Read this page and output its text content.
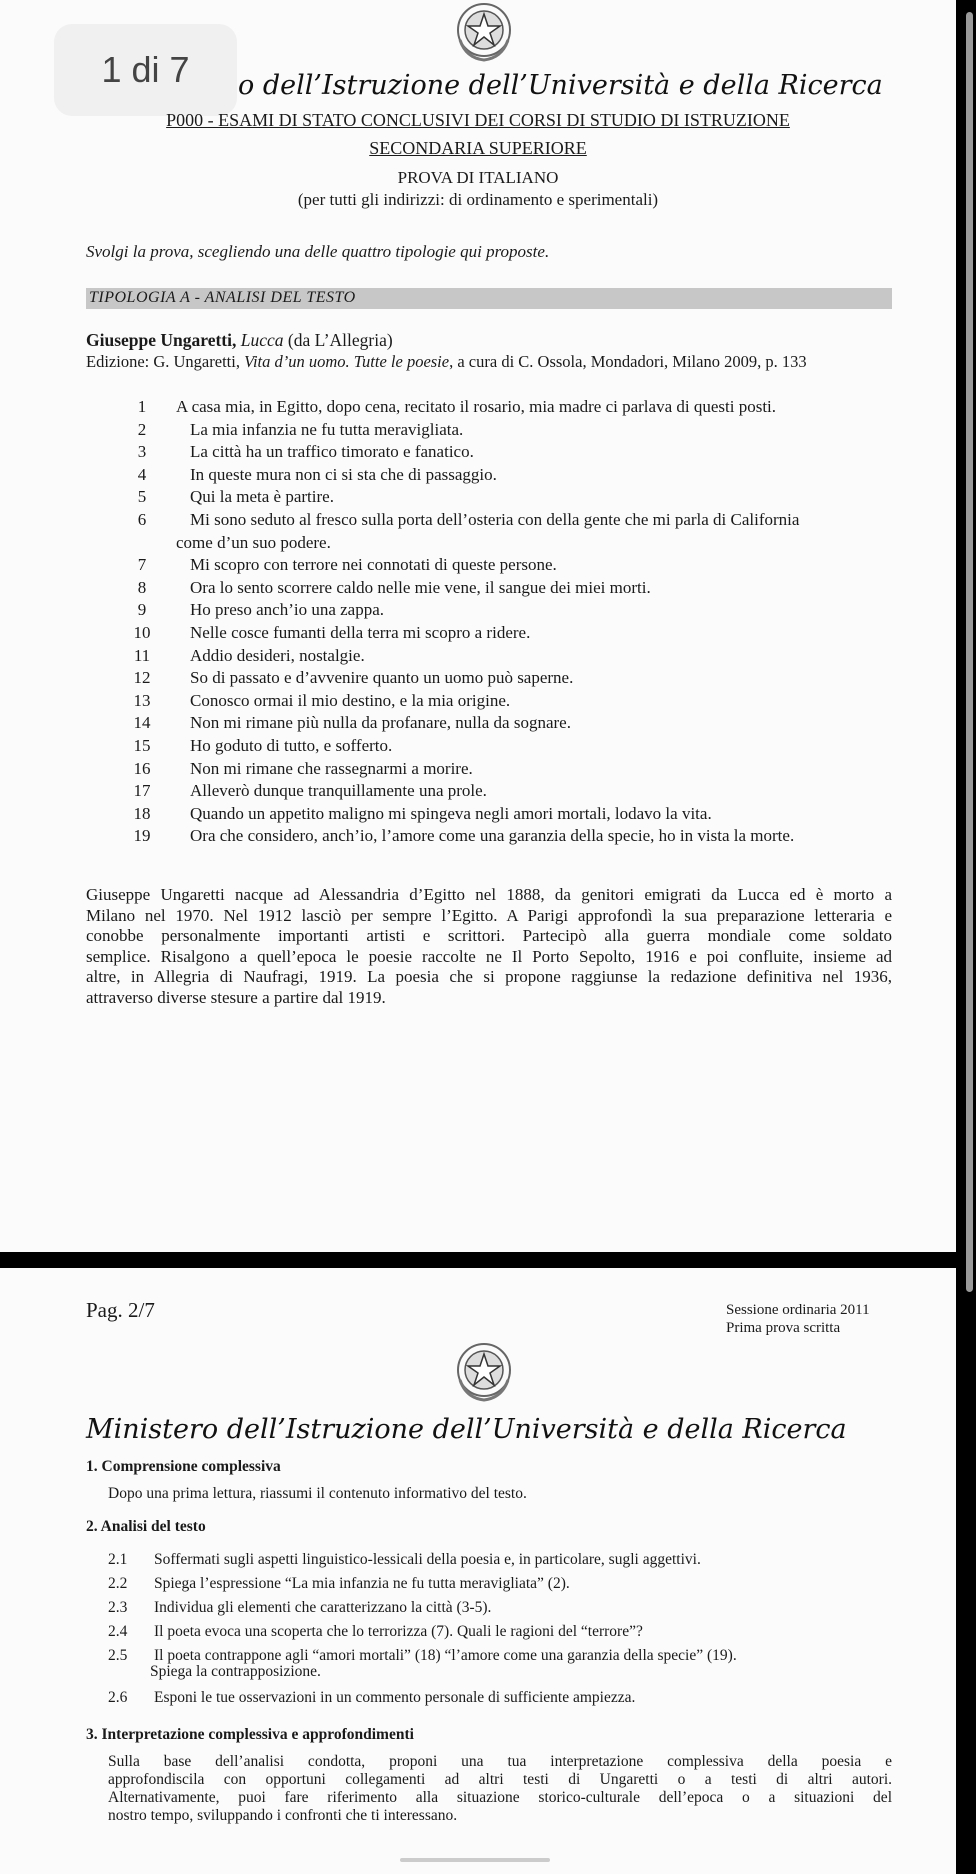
1 di 7	o dell’Istruzione dell’Università e della Ricerca
P000 - ESAMI DI STATO CONCLUSIVI DEI CORSI DI STUDIO DI ISTRUZIONE
SECONDARIA SUPERIORE
PROVA DI ITALIANO
(per tutti gli indirizzi: di ordinamento e sperimentali)
Svolgi la prova, scegliendo una delle quattro tipologie qui proposte.
TIPOLOGIA A - ANALISI DEL TESTO
Giuseppe Ungaretti, Lucca (da L’Allegria)
Edizione: G. Ungaretti, Vita d’un uomo. Tutte le poesie, a cura di C. Ossola, Mondadori, Milano 2009, p. 133
1	A casa mia, in Egitto, dopo cena, recitato il rosario, mia madre ci parlava di questi posti.
2	La mia infanzia ne fu tutta meravigliata.
3	La città ha un traffico timorato e fanatico.
4	In queste mura non ci si sta che di passaggio.
5	Qui la meta è partire.
6	Mi sono seduto al fresco sulla porta dell’osteria con della gente che mi parla di California
come d’un suo podere.
7	Mi scopro con terrore nei connotati di queste persone.
8	Ora lo sento scorrere caldo nelle mie vene, il sangue dei miei morti.
9	Ho preso anch’io una zappa.
10	Nelle cosce fumanti della terra mi scopro a ridere.
11	Addio desideri, nostalgie.
12	So di passato e d’avvenire quanto un uomo può saperne.
13	Conosco ormai il mio destino, e la mia origine.
14	Non mi rimane più nulla da profanare, nulla da sognare.
15	Ho goduto di tutto, e sofferto.
16	Non mi rimane che rassegnarmi a morire.
17	Alleverò dunque tranquillamente una prole.
18	Quando un appetito maligno mi spingeva negli amori mortali, lodavo la vita.
19	Ora che considero, anch’io, l’amore come una garanzia della specie, ho in vista la morte.
Giuseppe Ungaretti nacque ad Alessandria d’Egitto nel 1888, da genitori emigrati da Lucca ed è morto a
Milano nel 1970. Nel 1912 lasciò per sempre l’Egitto. A Parigi approfondì la sua preparazione letteraria e
conobbe personalmente importanti artisti e scrittori. Partecipò alla guerra mondiale come soldato
semplice. Risalgono a quell’epoca le poesie raccolte ne Il Porto Sepolto, 1916 e poi confluite, insieme ad
altre, in Allegria di Naufragi, 1919. La poesia che si propone raggiunse la redazione definitiva nel 1936,
attraverso diverse stesure a partire dal 1919.
Pag. 2/7	Sessione ordinaria 2011
Prima prova scritta
Ministero dell’Istruzione dell’Università e della Ricerca
1. Comprensione complessiva
Dopo una prima lettura, riassumi il contenuto informativo del testo.
2. Analisi del testo
2.1 Soffermati sugli aspetti linguistico-lessicali della poesia e, in particolare, sugli aggettivi.
2.2 Spiega l’espressione “La mia infanzia ne fu tutta meravigliata” (2).
2.3 Individua gli elementi che caratterizzano la città (3-5).
2.4 Il poeta evoca una scoperta che lo terrorizza (7). Quali le ragioni del “terrore”?
2.5 Il poeta contrappone agli “amori mortali” (18) “l’amore come una garanzia della specie” (19).
Spiega la contrapposizione.
2.6 Esponi le tue osservazioni in un commento personale di sufficiente ampiezza.
3. Interpretazione complessiva e approfondimenti
Sulla base dell’analisi condotta, proponi una tua interpretazione complessiva della poesia e
approfondiscila con opportuni collegamenti ad altri testi di Ungaretti o a testi di altri autori.
Alternativamente, puoi fare riferimento alla situazione storico-culturale dell’epoca o a situazioni del
nostro tempo, sviluppando i confronti che ti interessano.
